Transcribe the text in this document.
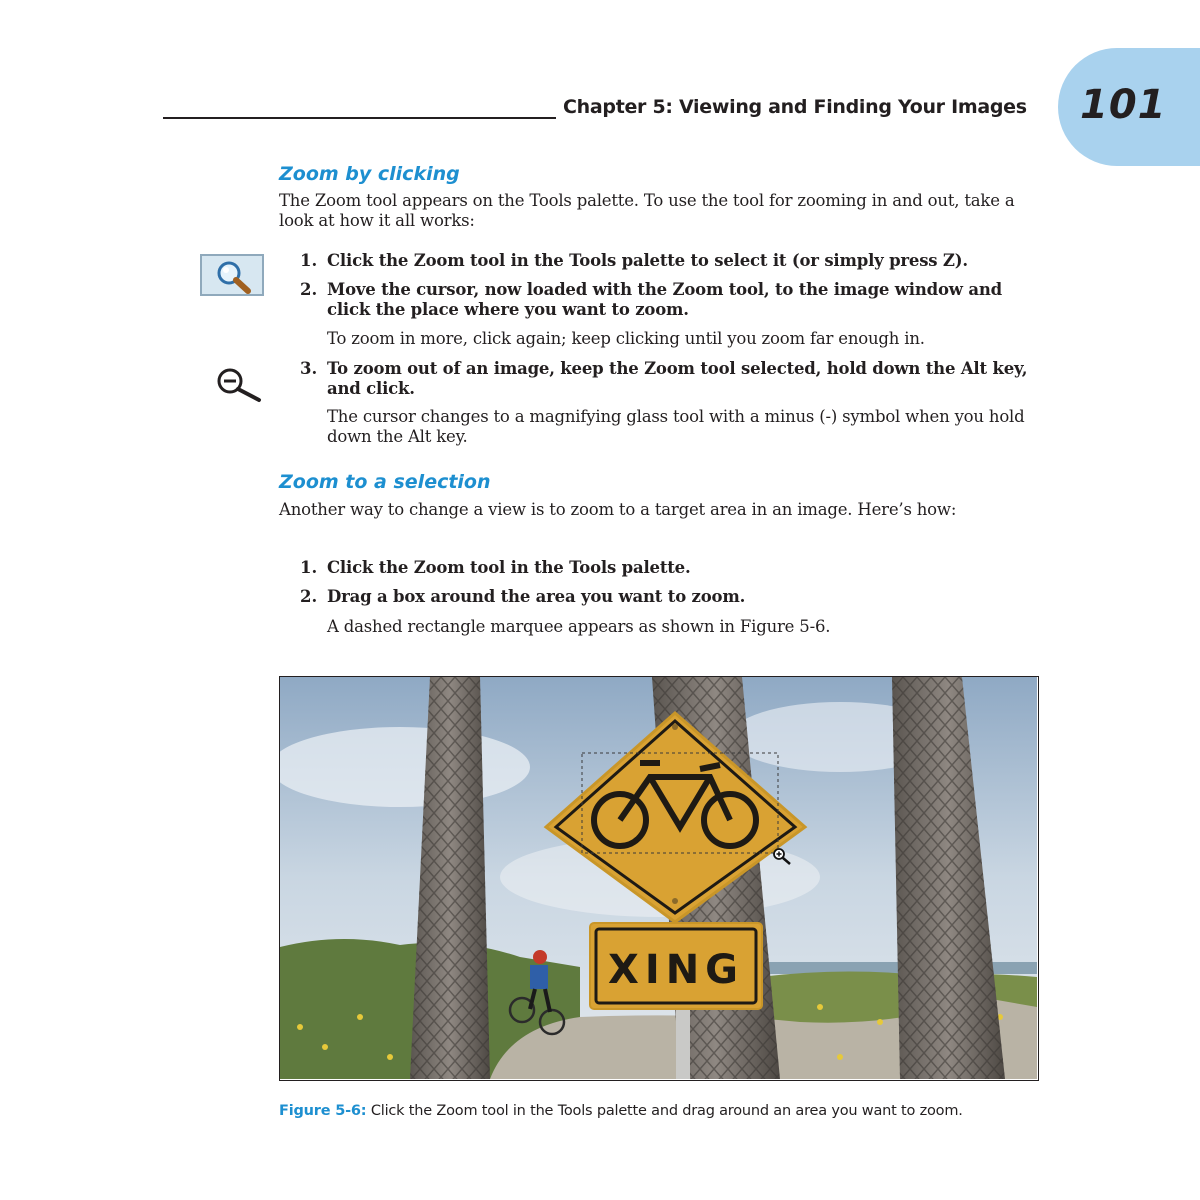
Chapter 5: Viewing and Finding Your Images 101
Zoom by clicking
The Zoom tool appears on the Tools palette. To use the tool for zooming in and out, take a look at how it all works:
1. Click the Zoom tool in the Tools palette to select it (or simply press Z).
2. Move the cursor, now loaded with the Zoom tool, to the image window and click the place where you want to zoom.
To zoom in more, click again; keep clicking until you zoom far enough in.
3. To zoom out of an image, keep the Zoom tool selected, hold down the Alt key, and click.
The cursor changes to a magnifying glass tool with a minus (-) symbol when you hold down the Alt key.
Zoom to a selection
Another way to change a view is to zoom to a target area in an image. Here’s how:
1. Click the Zoom tool in the Tools palette.
2. Drag a box around the area you want to zoom.
A dashed rectangle marquee appears as shown in Figure 5-6.
XING
Figure 5-6: Click the Zoom tool in the Tools palette and drag around an area you want to zoom.
